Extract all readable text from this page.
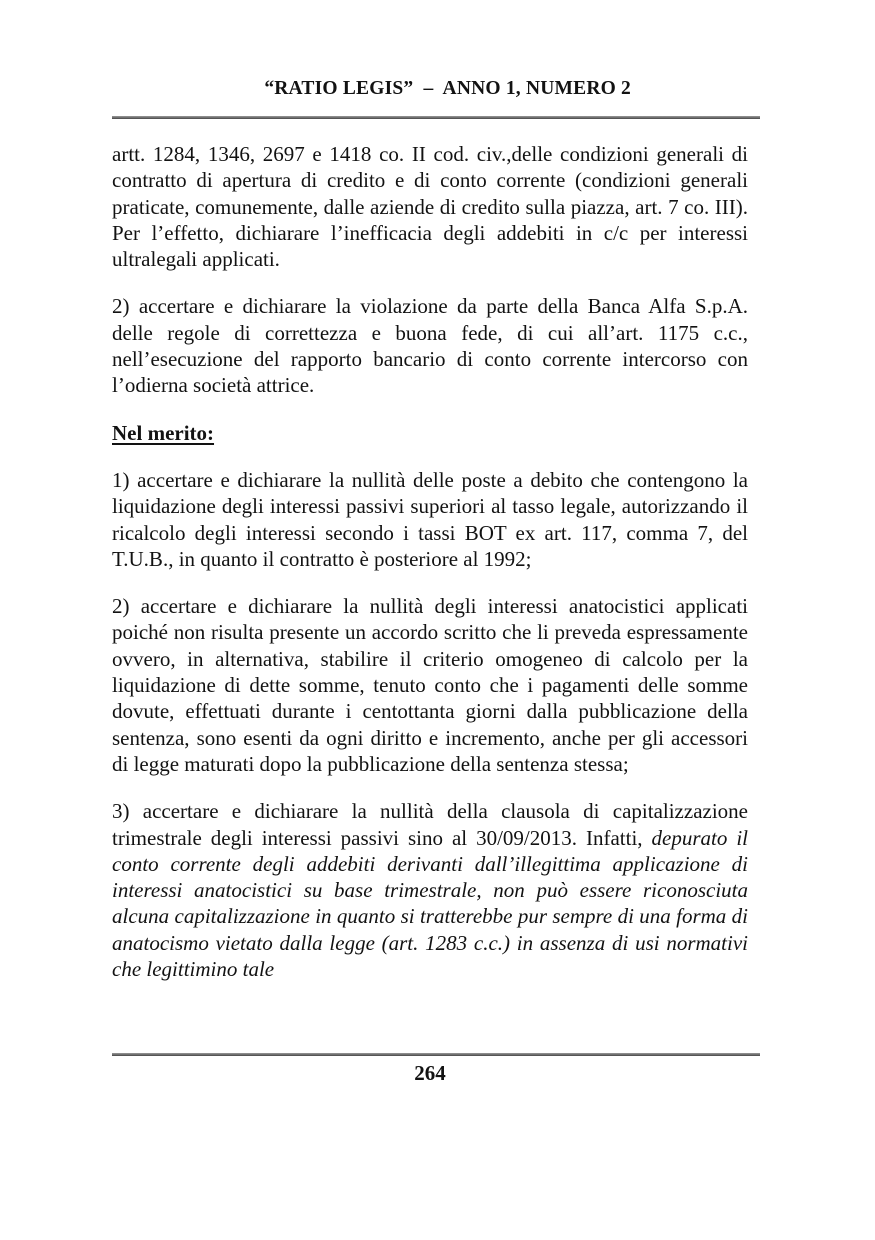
“RATIO LEGIS”  –  ANNO 1, NUMERO 2

artt. 1284, 1346, 2697 e 1418 co. II cod. civ.,delle condizioni generali di contratto di apertura di credito e di conto corrente (condizioni generali praticate, comunemente, dalle aziende di credito sulla piazza, art. 7 co. III). Per l’effetto, dichiarare l’inefficacia degli addebiti in c/c per interessi ultralegali applicati.

2) accertare e dichiarare la violazione da parte della Banca Alfa S.p.A. delle regole di correttezza e buona fede, di cui all’art. 1175 c.c., nell’esecuzione del rapporto bancario di conto corrente intercorso con l’odierna società attrice.

Nel merito:

1) accertare e dichiarare la nullità delle poste a debito che contengono la liquidazione degli interessi passivi superiori al tasso legale, autorizzando il ricalcolo degli interessi secondo i tassi BOT ex art. 117, comma 7, del T.U.B., in quanto il contratto è posteriore al 1992;

2) accertare e dichiarare la nullità degli interessi anatocistici applicati poiché non risulta presente un accordo scritto che li preveda espressamente ovvero, in alternativa, stabilire il criterio omogeneo di calcolo per la liquidazione di dette somme, tenuto conto che i pagamenti delle somme dovute, effettuati durante i centottanta giorni dalla pubblicazione della sentenza, sono esenti da ogni diritto e incremento, anche per gli accessori di legge maturati dopo la pubblicazione della sentenza stessa;

3) accertare e dichiarare la nullità della clausola di capitalizzazione trimestrale degli interessi passivi sino al 30/09/2013. Infatti, depurato il conto corrente degli addebiti derivanti dall’illegittima applicazione di interessi anatocistici su base trimestrale, non può essere riconosciuta alcuna capitalizzazione in quanto si tratterebbe pur sempre di una forma di anatocismo vietato dalla legge (art. 1283 c.c.) in assenza di usi normativi che legittimino tale

264
